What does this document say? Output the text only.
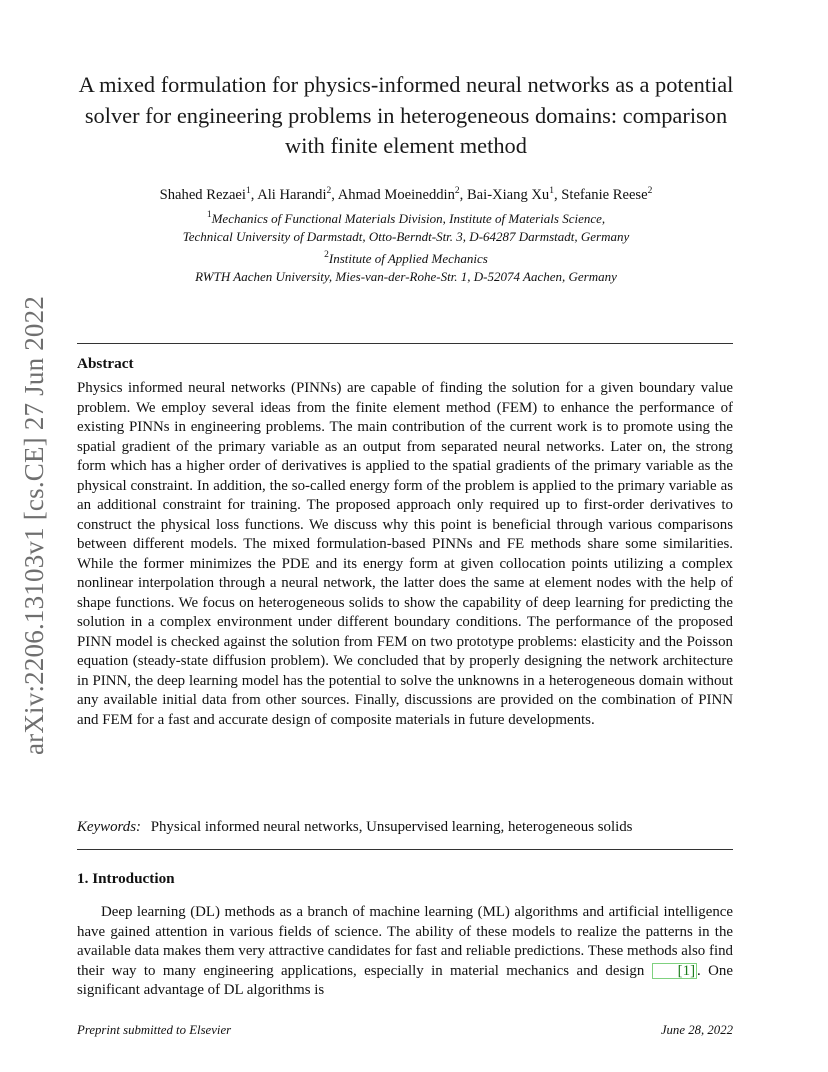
arXiv:2206.13103v1 [cs.CE] 27 Jun 2022
A mixed formulation for physics-informed neural networks as a potential solver for engineering problems in heterogeneous domains: comparison with finite element method
Shahed Rezaei$^1$, Ali Harandi$^2$, Ahmad Moeineddin$^2$, Bai-Xiang Xu$^1$, Stefanie Reese$^2$
$^1$Mechanics of Functional Materials Division, Institute of Materials Science,
Technical University of Darmstadt, Otto-Berndt-Str. 3, D-64287 Darmstadt, Germany
$^2$Institute of Applied Mechanics
RWTH Aachen University, Mies-van-der-Rohe-Str. 1, D-52074 Aachen, Germany
Abstract
Physics informed neural networks (PINNs) are capable of finding the solution for a given boundary value problem. We employ several ideas from the finite element method (FEM) to enhance the performance of existing PINNs in engineering problems. The main contribution of the current work is to promote using the spatial gradient of the primary variable as an output from separated neural networks. Later on, the strong form which has a higher order of derivatives is applied to the spatial gradients of the primary variable as the physical constraint. In addition, the so-called energy form of the problem is applied to the primary variable as an additional constraint for training. The proposed approach only required up to first-order derivatives to construct the physical loss functions. We discuss why this point is beneficial through various comparisons between different models. The mixed formulation-based PINNs and FE methods share some similarities. While the former minimizes the PDE and its energy form at given collocation points utilizing a complex nonlinear interpolation through a neural network, the latter does the same at element nodes with the help of shape functions. We focus on heterogeneous solids to show the capability of deep learning for predicting the solution in a complex environment under different boundary conditions. The performance of the proposed PINN model is checked against the solution from FEM on two prototype problems: elasticity and the Poisson equation (steady-state diffusion problem). We concluded that by properly designing the network architecture in PINN, the deep learning model has the potential to solve the unknowns in a heterogeneous domain without any available initial data from other sources. Finally, discussions are provided on the combination of PINN and FEM for a fast and accurate design of composite materials in future developments.
Keywords: Physical informed neural networks, Unsupervised learning, heterogeneous solids
1. Introduction
Deep learning (DL) methods as a branch of machine learning (ML) algorithms and artificial intelligence have gained attention in various fields of science. The ability of these models to realize the patterns in the available data makes them very attractive candidates for fast and reliable predictions. These methods also find their way to many engineering applications, especially in material mechanics and design [1] . One significant advantage of DL algorithms is
Preprint submitted to Elsevier	June 28, 2022
